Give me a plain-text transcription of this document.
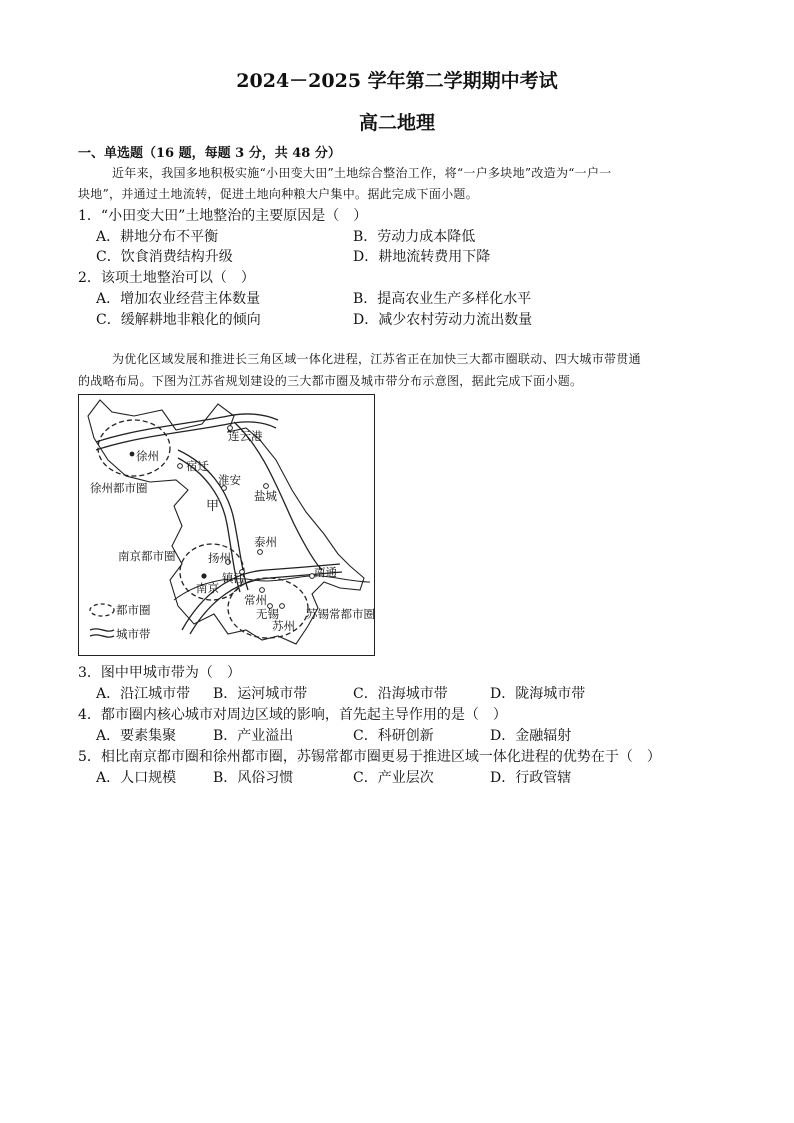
2024－2025 学年第二学期期中考试
高二地理
一、单选题（16 题，每题 3 分，共 48 分）
近年来，我国多地积极实施“小田变大田”土地综合整治工作，将“一户多块地”改造为“一户一
块地”，并通过土地流转，促进土地向种粮大户集中。据此完成下面小题。
1．“小田变大田”土地整治的主要原因是（　）
A．耕地分布不平衡	B．劳动力成本降低
C．饮食消费结构升级	D．耕地流转费用下降
2．该项土地整治可以（　）
A．增加农业经营主体数量	B．提高农业生产多样化水平
C．缓解耕地非粮化的倾向	D．减少农村劳动力流出数量
为优化区域发展和推进长三角区域一体化进程，江苏省正在加快三大都市圈联动、四大城市带贯通
的战略布局。下图为江苏省规划建设的三大都市圈及城市带分布示意图，据此完成下面小题。
连云港
徐州
宿迁
淮安
盐城
甲
泰州
扬州
南京
镇江	南通
常州
无锡
苏州
徐州都市圈
南京都市圈
苏锡常都市圈
都市圈
城市带
3．图中甲城市带为（　）
A．沿江城市带 B．运河城市带	C．沿海城市带	D．陇海城市带
4．都市圈内核心城市对周边区域的影响，首先起主导作用的是（　）
A．要素集聚	B．产业溢出	C．科研创新	D．金融辐射
5．相比南京都市圈和徐州都市圈，苏锡常都市圈更易于推进区域一体化进程的优势在于（　）
A．人口规模	B．风俗习惯	C．产业层次	D．行政管辖
